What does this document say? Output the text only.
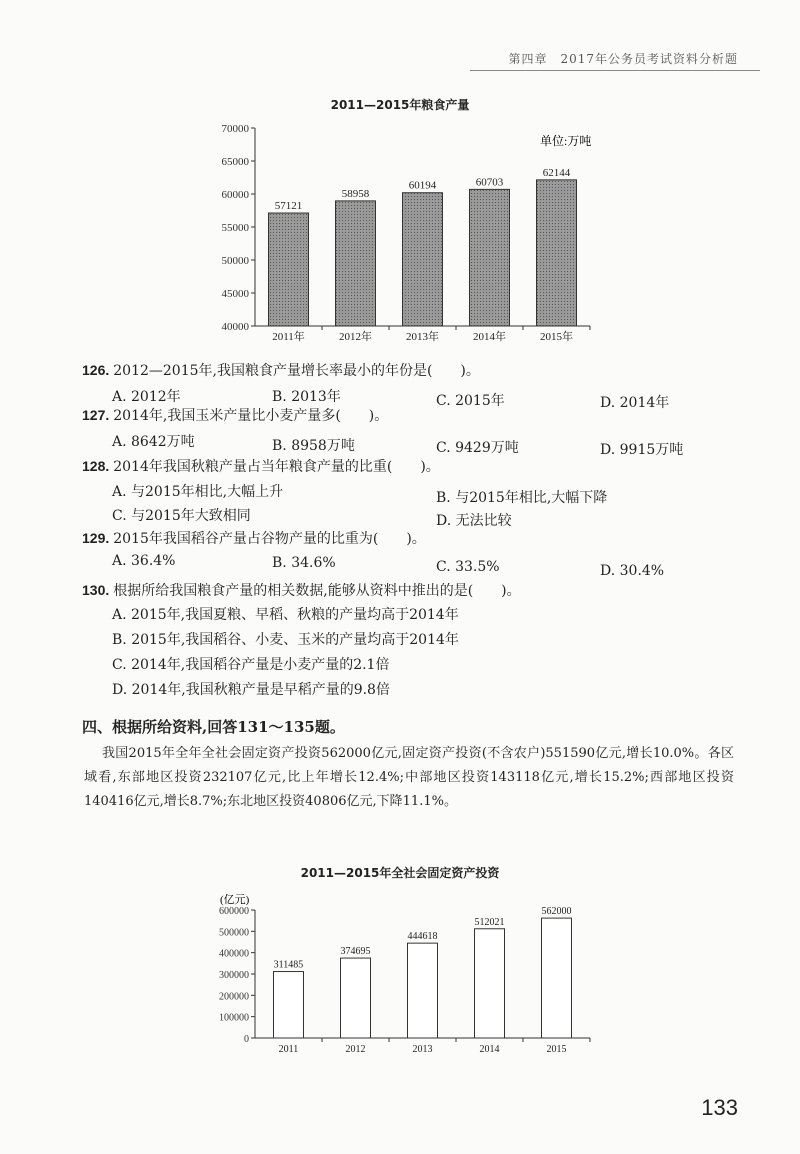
第四章　2017年公务员考试资料分析题
2011—2015年粮食产量
单位:万吨
40000
45000
50000
55000
60000
65000
70000
57121
2011年
58958
2012年
60194
2013年
60703
2014年
62144
2015年
126. 2012—2015年,我国粮食产量增长率最小的年份是(　　)。
A. 2012年	B. 2013年	C. 2015年	D. 2014年
127. 2014年,我国玉米产量比小麦产量多(　　)。
A. 8642万吨	B. 8958万吨	C. 9429万吨	D. 9915万吨
128. 2014年我国秋粮产量占当年粮食产量的比重(　　)。
A. 与2015年相比,大幅上升	B. 与2015年相比,大幅下降
C. 与2015年大致相同	D. 无法比较
129. 2015年我国稻谷产量占谷物产量的比重为(　　)。
A. 36.4%	B. 34.6%	C. 33.5%	D. 30.4%
130. 根据所给我国粮食产量的相关数据,能够从资料中推出的是(　　)。
A. 2015年,我国夏粮、早稻、秋粮的产量均高于2014年
B. 2015年,我国稻谷、小麦、玉米的产量均高于2014年
C. 2014年,我国稻谷产量是小麦产量的2.1倍
D. 2014年,我国秋粮产量是早稻产量的9.8倍
四、根据所给资料,回答131～135题。
我国2015年全年全社会固定资产投资562000亿元,固定资产投资(不含农户)551590亿元,增长10.0%。各区域看,东部地区投资232107亿元,比上年增长12.4%;中部地区投资143118亿元,增长15.2%;西部地区投资140416亿元,增长8.7%;东北地区投资40806亿元,下降11.1%。
2011—2015年全社会固定资产投资
(亿元)
0
100000
200000
300000
400000
500000
600000
311485
2011
374695
2012
444618
2013
512021
2014
562000
2015
133
